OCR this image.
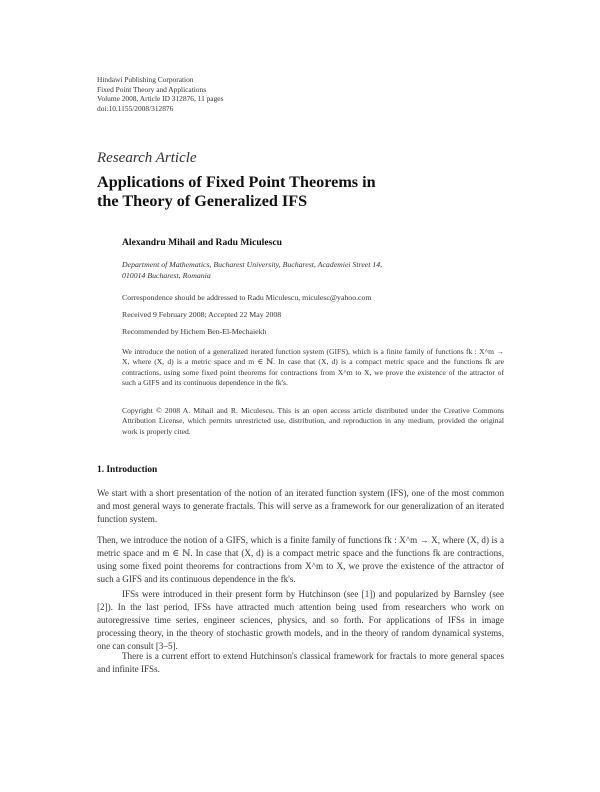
Hindawi Publishing Corporation
Fixed Point Theory and Applications
Volume 2008, Article ID 312876, 11 pages
doi:10.1155/2008/312876
Research Article
Applications of Fixed Point Theorems in
the Theory of Generalized IFS
Alexandru Mihail and Radu Miculescu
Department of Mathematics, Bucharest University, Bucharest, Academiei Street 14,
010014 Bucharest, Romania
Correspondence should be addressed to Radu Miculescu, miculesc@yahoo.com
Received 9 February 2008; Accepted 22 May 2008
Recommended by Hichem Ben-El-Mechaiekh
We introduce the notion of a generalized iterated function system (GIFS), which is a finite family of functions fk : X^m → X, where (X, d) is a metric space and m ∈ ℕ. In case that (X, d) is a compact metric space and the functions fk are contractions, using some fixed point theorems for contractions from X^m to X, we prove the existence of the attractor of such a GIFS and its continuous dependence in the fk's.
Copyright © 2008 A. Mihail and R. Miculescu. This is an open access article distributed under the Creative Commons Attribution License, which permits unrestricted use, distribution, and reproduction in any medium, provided the original work is properly cited.
1. Introduction

We start with a short presentation of the notion of an iterated function system (IFS), one of the most common and most general ways to generate fractals. This will serve as a framework for our generalization of an iterated function system.

Then, we introduce the notion of a GIFS, which is a finite family of functions fk : X^m → X, where (X, d) is a metric space and m ∈ ℕ. In case that (X, d) is a compact metric space and the functions fk are contractions, using some fixed point theorems for contractions from X^m to X, we prove the existence of the attractor of such a GIFS and its continuous dependence in the fk's.

IFSs were introduced in their present form by Hutchinson (see [1]) and popularized by Barnsley (see [2]). In the last period, IFSs have attracted much attention being used from researchers who work on autoregressive time series, engineer sciences, physics, and so forth. For applications of IFSs in image processing theory, in the theory of stochastic growth models, and in the theory of random dynamical systems, one can consult [3–5].

There is a current effort to extend Hutchinson's classical framework for fractals to more general spaces and infinite IFSs.
